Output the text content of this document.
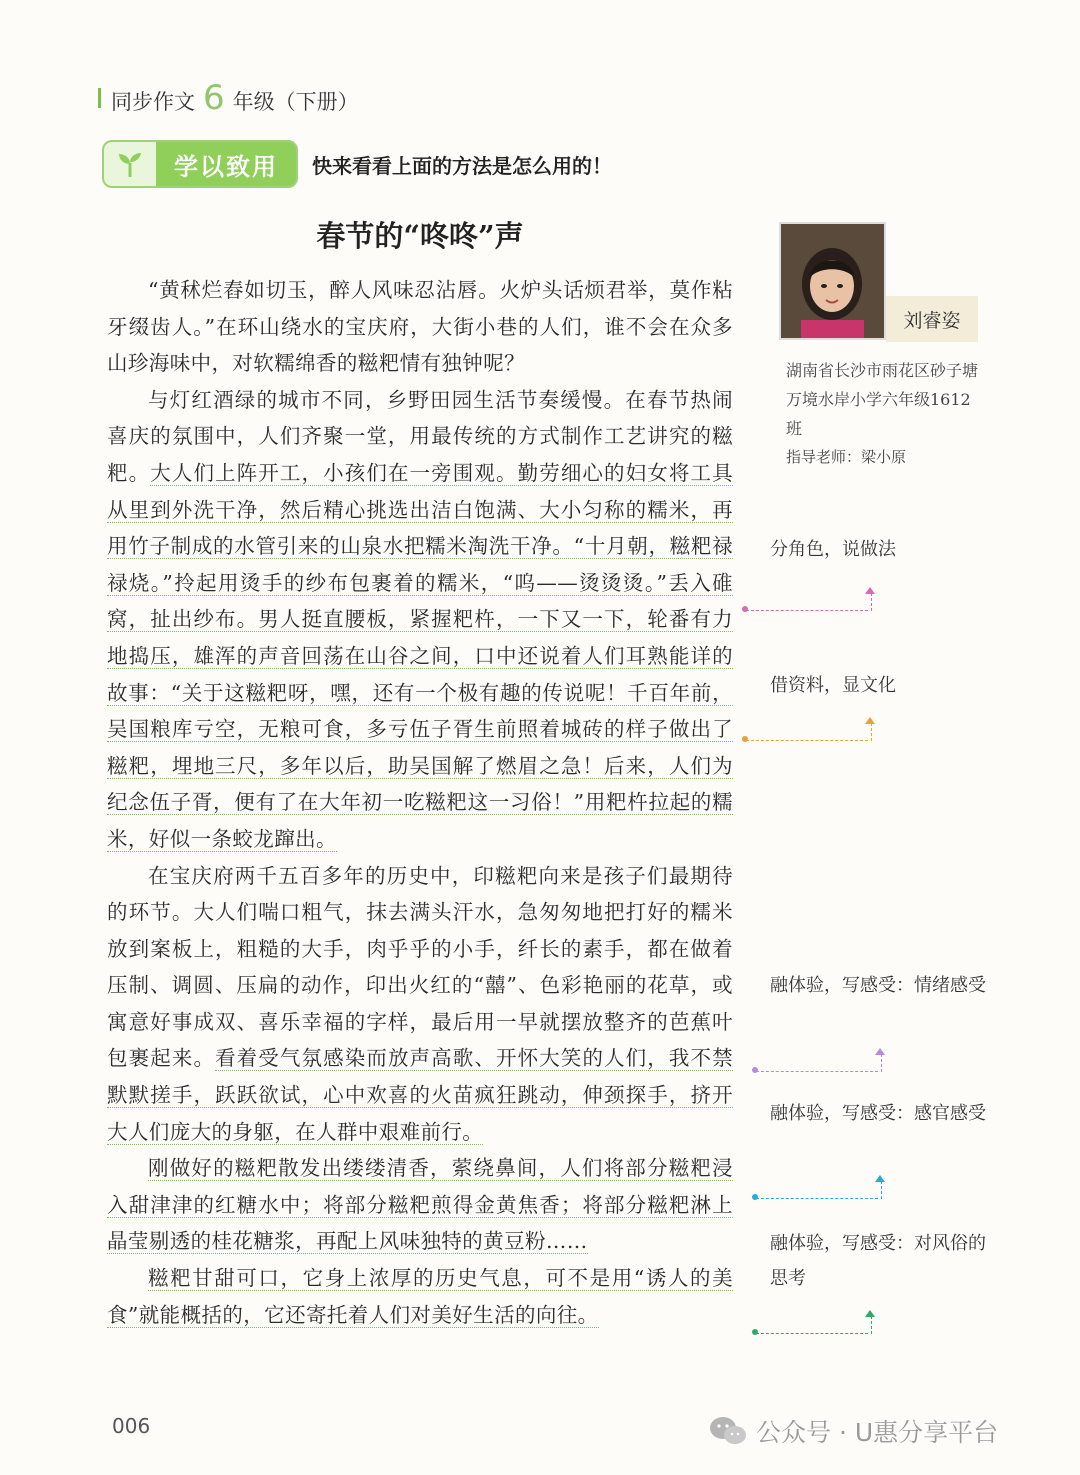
同步作文 6 年级（下册）
学以致用	快来看看上面的方法是怎么用的！
春节的“咚咚”声
刘睿姿
湖南省长沙市雨花区砂子塘万境水岸小学六年级1612班
指导老师：梁小原

“黄秫烂舂如切玉，醉人风味忍沾唇。火炉头话烦君举，莫作粘牙缀齿人。”在环山绕水的宝庆府，大街小巷的人们，谁不会在众多山珍海味中，对软糯绵香的糍粑情有独钟呢？

与灯红酒绿的城市不同，乡野田园生活节奏缓慢。在春节热闹喜庆的氛围中，人们齐聚一堂，用最传统的方式制作工艺讲究的糍粑。大人们上阵开工，小孩们在一旁围观。勤劳细心的妇女将工具从里到外洗干净，然后精心挑选出洁白饱满、大小匀称的糯米，再用竹子制成的水管引来的山泉水把糯米淘洗干净。“十月朝，糍粑禄禄烧。”拎起用烫手的纱布包裹着的糯米，“呜——烫烫烫。”丢入碓窝，扯出纱布。男人挺直腰板，紧握粑杵，一下又一下，轮番有力地捣压，雄浑的声音回荡在山谷之间，口中还说着人们耳熟能详的故事：“关于这糍粑呀，嘿，还有一个极有趣的传说呢！千百年前，吴国粮库亏空，无粮可食，多亏伍子胥生前照着城砖的样子做出了糍粑，埋地三尺，多年以后，助吴国解了燃眉之急！后来，人们为纪念伍子胥，便有了在大年初一吃糍粑这一习俗！”用粑杵拉起的糯米，好似一条蛟龙蹿出。

在宝庆府两千五百多年的历史中，印糍粑向来是孩子们最期待的环节。大人们喘口粗气，抹去满头汗水，急匆匆地把打好的糯米放到案板上，粗糙的大手，肉乎乎的小手，纤长的素手，都在做着压制、调圆、压扁的动作，印出火红的“囍”、色彩艳丽的花草，或寓意好事成双、喜乐幸福的字样，最后用一早就摆放整齐的芭蕉叶包裹起来。看着受气氛感染而放声高歌、开怀大笑的人们，我不禁默默搓手，跃跃欲试，心中欢喜的火苗疯狂跳动，伸颈探手，挤开大人们庞大的身躯，在人群中艰难前行。

刚做好的糍粑散发出缕缕清香，萦绕鼻间，人们将部分糍粑浸入甜津津的红糖水中；将部分糍粑煎得金黄焦香；将部分糍粑淋上晶莹剔透的桂花糖浆，再配上风味独特的黄豆粉……

糍粑甘甜可口，它身上浓厚的历史气息，可不是用“诱人的美食”就能概括的，它还寄托着人们对美好生活的向往。

分角色，说做法
借资料，显文化
融体验，写感受：情绪感受
融体验，写感受：感官感受
融体验，写感受：对风俗的思考
006	公众号 · U惠分享平台
